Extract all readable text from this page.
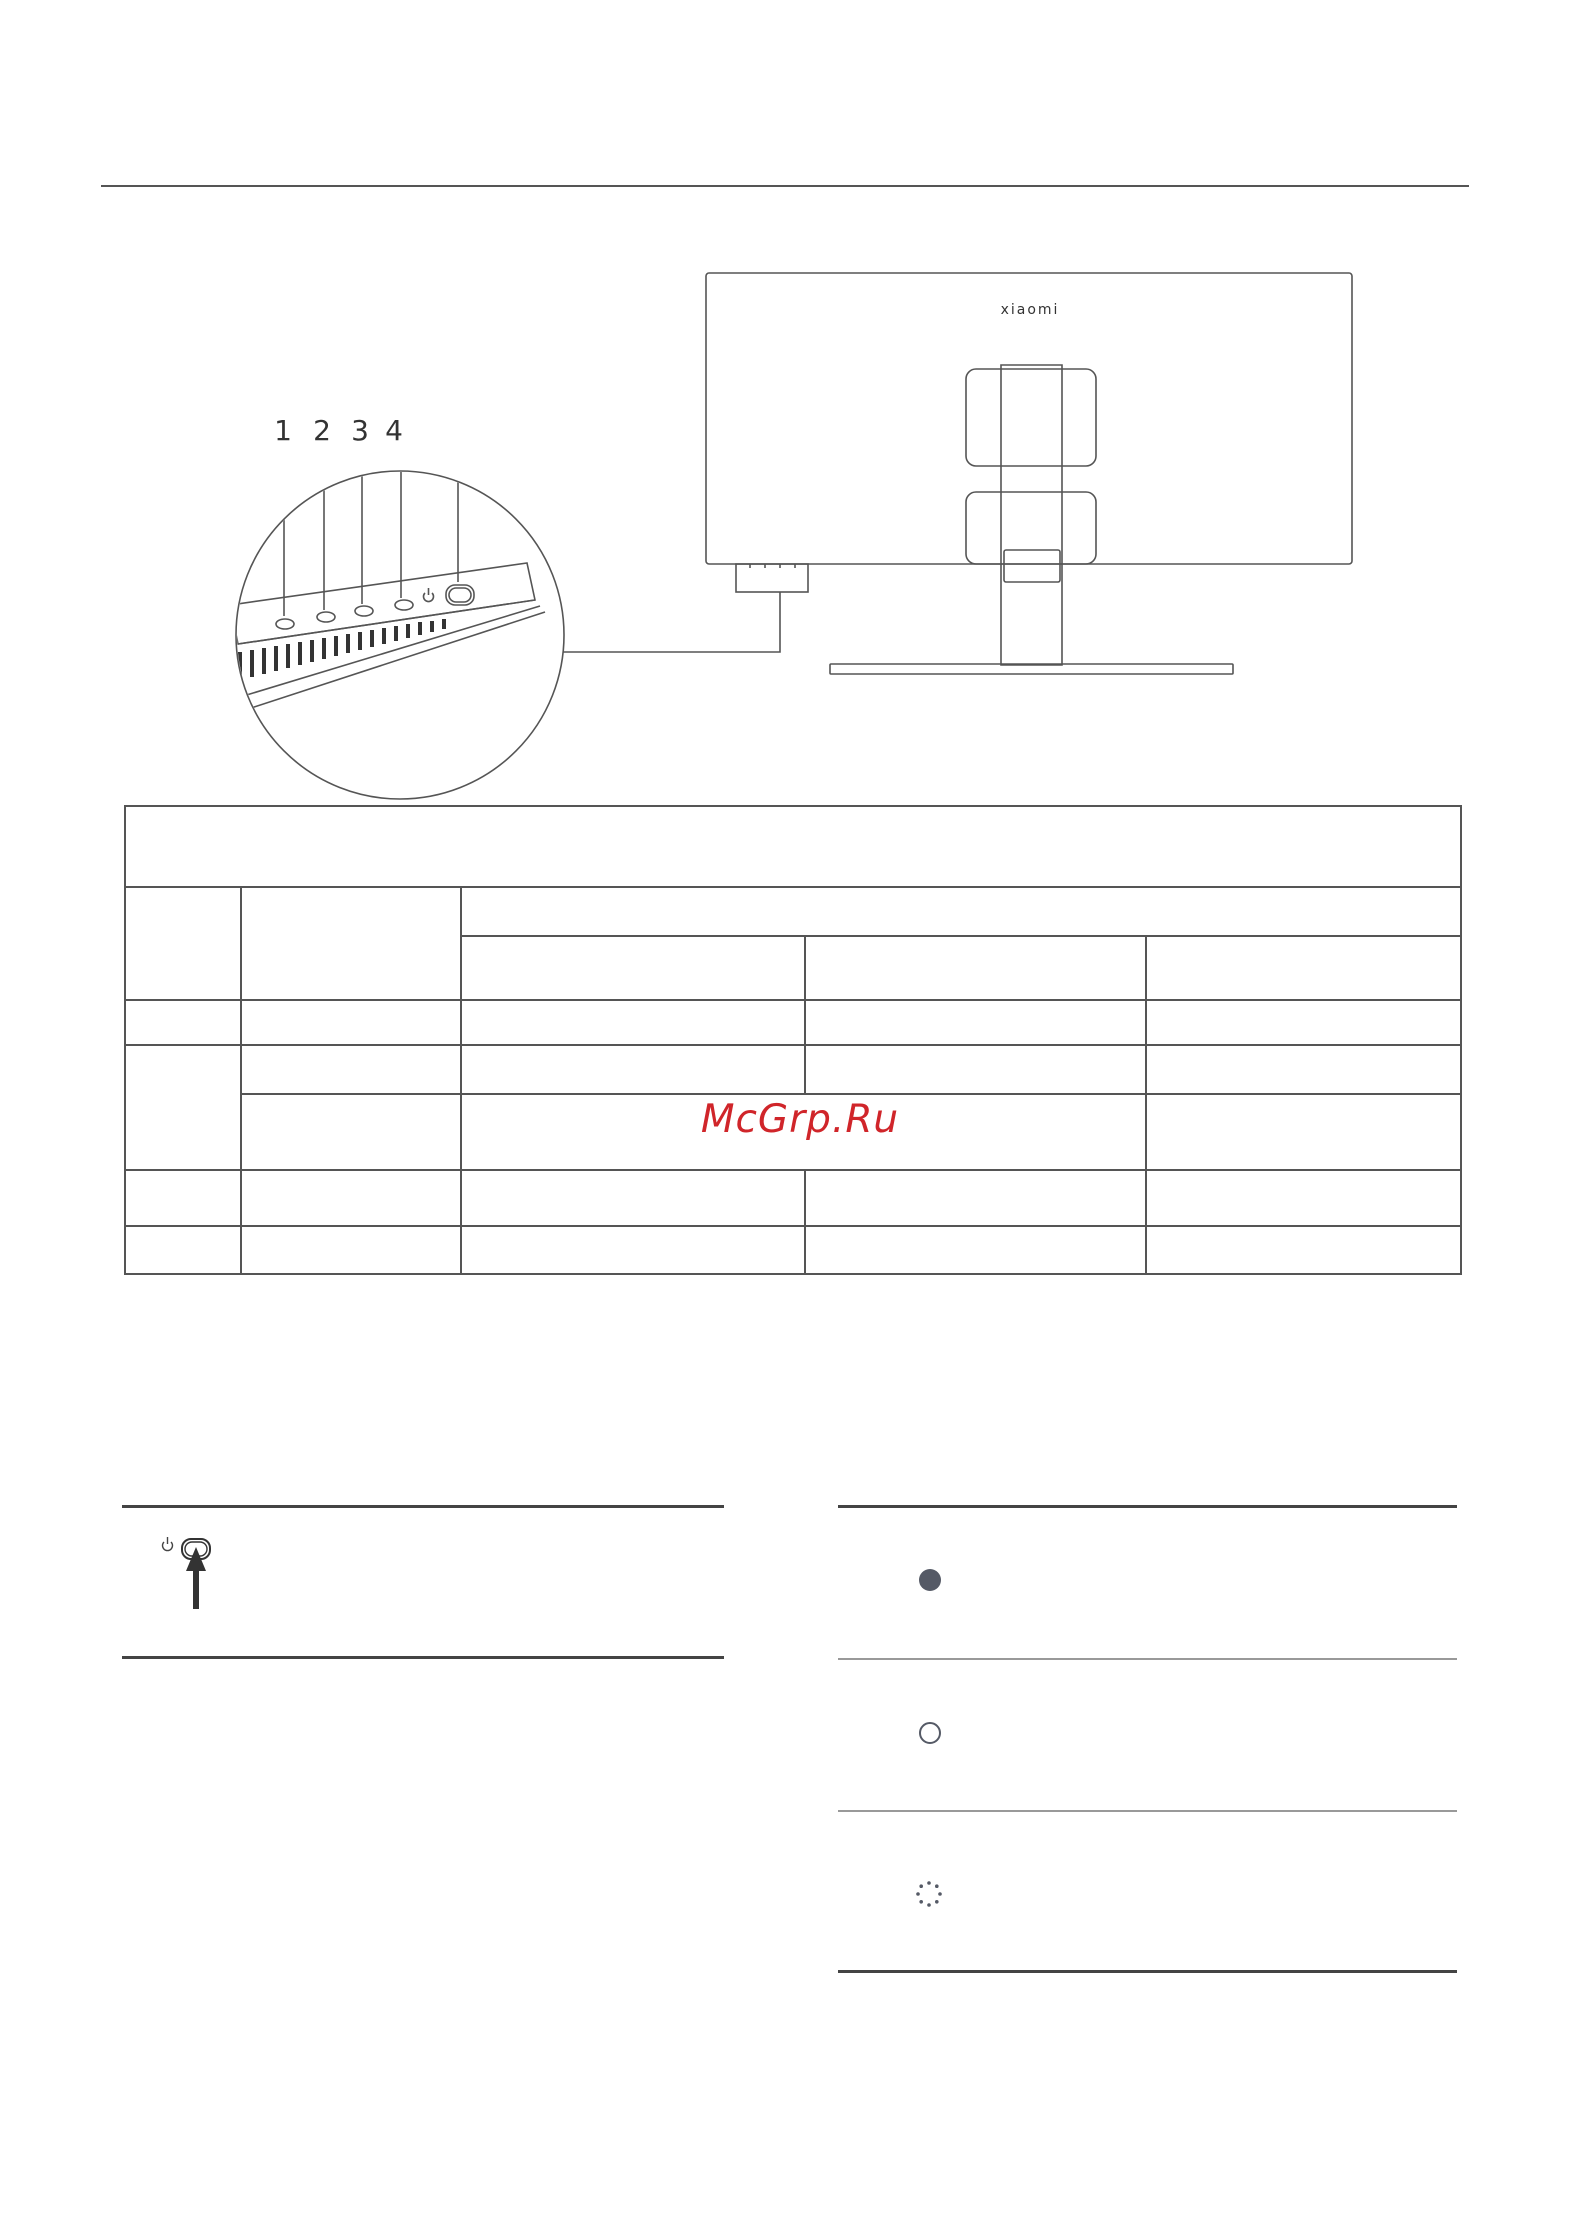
xiaomi
1 2 3 4
McGrp.Ru
